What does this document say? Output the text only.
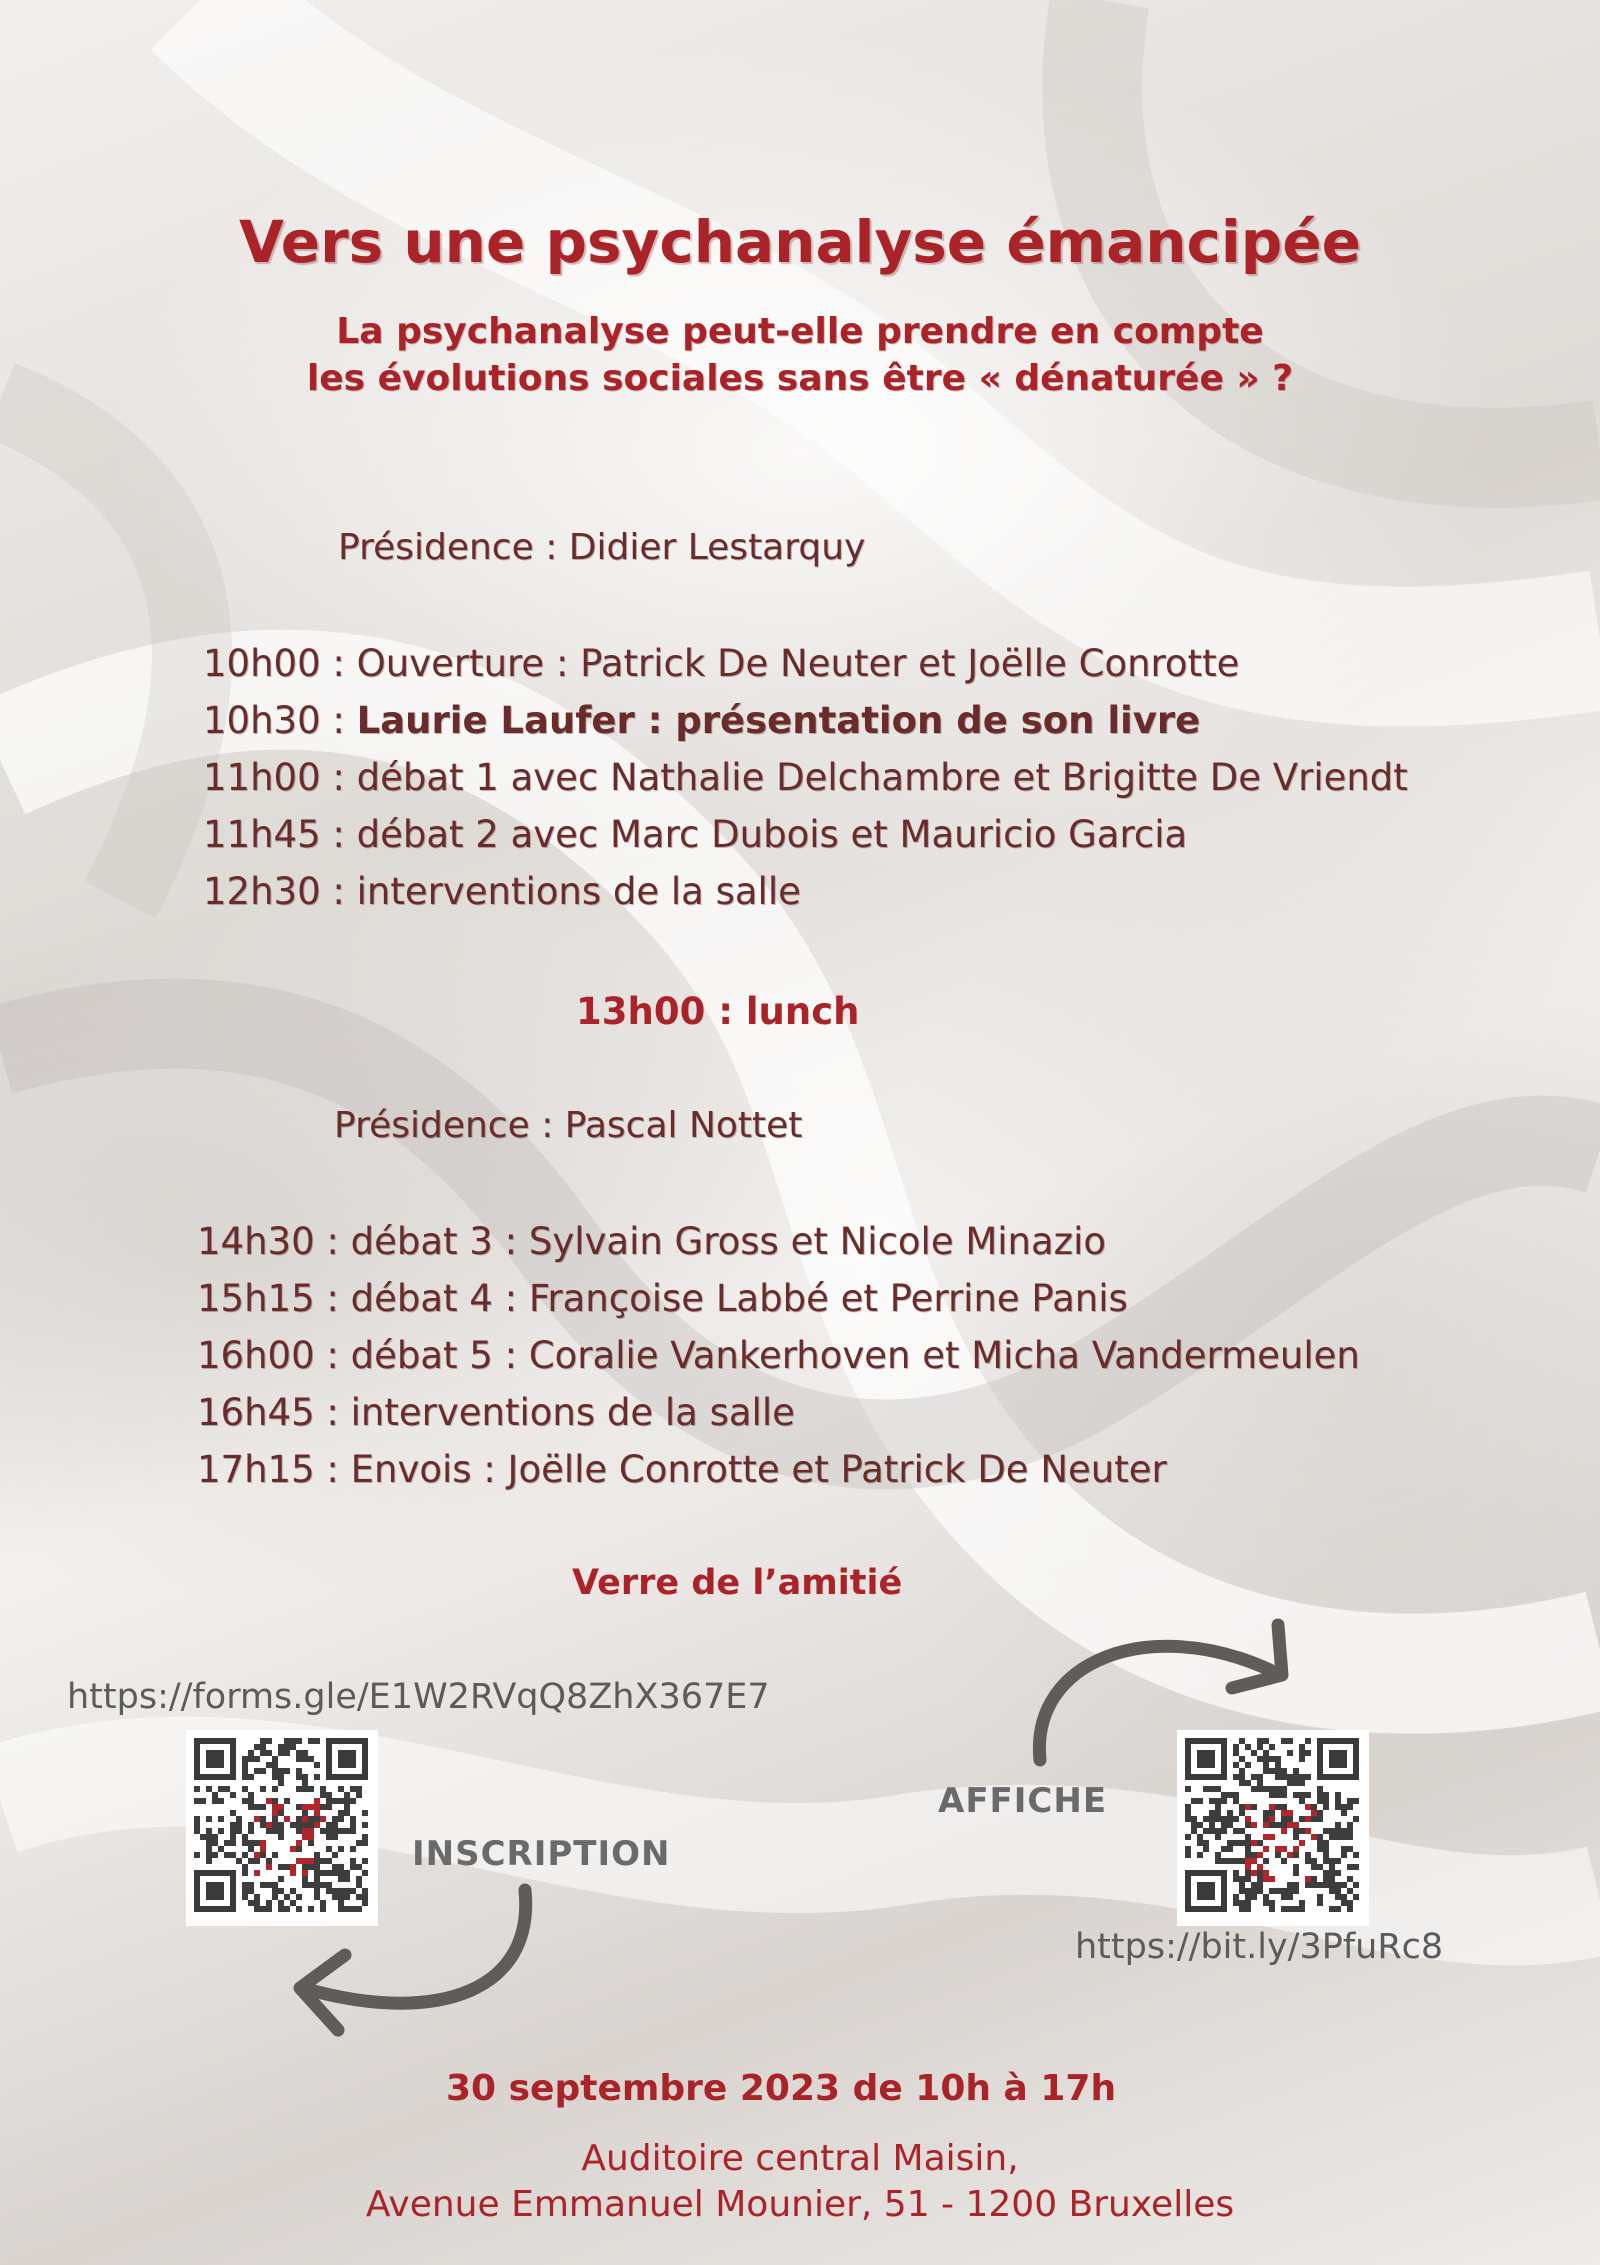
Vers une psychanalyse émancipée
La psychanalyse peut-elle prendre en compte
les évolutions sociales sans être « dénaturée » ?
Présidence : Didier Lestarquy
10h00 : Ouverture : Patrick De Neuter et Joëlle Conrotte
10h30 : Laurie Laufer : présentation de son livre
11h00 : débat 1 avec Nathalie Delchambre et Brigitte De Vriendt
11h45 : débat 2 avec Marc Dubois et Mauricio Garcia
12h30 : interventions de la salle
13h00 : lunch
Présidence : Pascal Nottet
14h30 : débat 3 : Sylvain Gross et Nicole Minazio
15h15 : débat 4 : Françoise Labbé et Perrine Panis
16h00 : débat 5 : Coralie Vankerhoven et Micha Vandermeulen
16h45 : interventions de la salle
17h15 : Envois : Joëlle Conrotte et Patrick De Neuter
Verre de l’amitié
https://forms.gle/E1W2RVqQ8ZhX367E7
INSCRIPTION
AFFICHE
https://bit.ly/3PfuRc8
30 septembre 2023 de 10h à 17h
Auditoire central Maisin,
Avenue Emmanuel Mounier, 51 - 1200 Bruxelles
